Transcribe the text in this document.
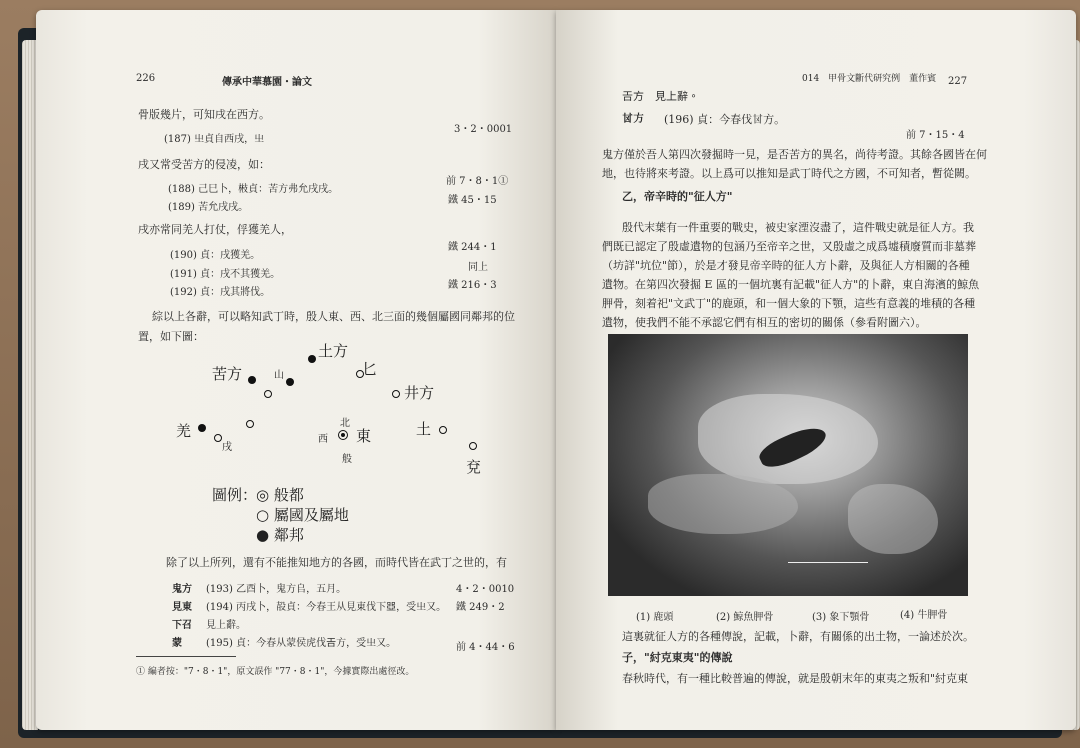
226	傳承中華慕園・論文
骨版幾片，可知戌在西方。
(187) 㞢貞自西戌，㞢
3・2・0001
戌又常受苦方的侵凌，如：
(188) 己巳卜，㪔貞：苦方弗允戌戌。
前 7・8・1①
(189) 苦允戌戌。
鐵 45・15
戌亦常同羌人打仗，俘獲羌人，
(190) 貞：戌獲羌。
鐵 244・1
(191) 貞：戌不其獲羌。
同上
(192) 貞：戌其將伐。
鐵 216・3
綜以上各辭，可以略知武丁時，殷人東、西、北三面的幾個屬國同鄰邦的位
置，如下圖：
土方
苦方	山	匕
井方
羌
戌
西
北
東
般
土
兗
圖例：
◎ 般都
○ 屬國及屬地
● 鄰邦
除了以上所列，還有不能推知地方的各國，而時代皆在武丁之世的，有
鬼方 (193) 乙酉卜，鬼方𠂤，五月。	4・2・0010
見東 (194) 丙戌卜，㱿貞：今春王从見東伐下𠁁，受㞢又。 鐵 249・2
下召 見上辭。
蒙 (195) 貞：今春从蒙侯虎伐𢀛方，受㞢又。	前 4・44・6
① 編者按："7・8・1"，原文誤作 "77・8・1"，今據實際出處徑改。
014　甲骨文斷代研究例　董作賓 227
𢀛方　見上辭。
𠀠方 (196) 貞：今春伐𠀠方。
前 7・15・4
鬼方僅於吾人第四次發掘時一見，是否苦方的異名，尚待考證。其餘各國皆在何
地，也待將來考證。以上爲可以推知是武丁時代之方國，不可知者，暫從闕。
乙，帝辛時的"征人方"
殷代末葉有一件重要的戰史，被史家湮沒盡了，這件戰史就是征人方。我
們既已認定了殷虛遺物的包涵乃至帝辛之世，又殷虛之成爲墟積廢質而非墓葬
（坊詳"坑位"節），於是才發見帝辛時的征人方卜辭，及與征人方相關的各種
遺物。在第四次發掘 E 區的一個坑裏有記載"征人方"的卜辭，東自海濱的鯨魚
胛骨，刻着祀"文武丁"的鹿頭，和一個大象的下顎，這些有意義的堆積的各種
遺物，使我們不能不承認它們有相互的密切的關係（參看附圖六）。
(1) 鹿頭	(2) 鯨魚胛骨	(3) 象下顎骨	(4) 牛胛骨
這裏就征人方的各種傳說，記載，卜辭，有關係的出土物，一論述於次。
子，"紂克東夷"的傳說
春秋時代，有一種比較普遍的傳說，就是殷朝末年的東夷之叛和"紂克東
